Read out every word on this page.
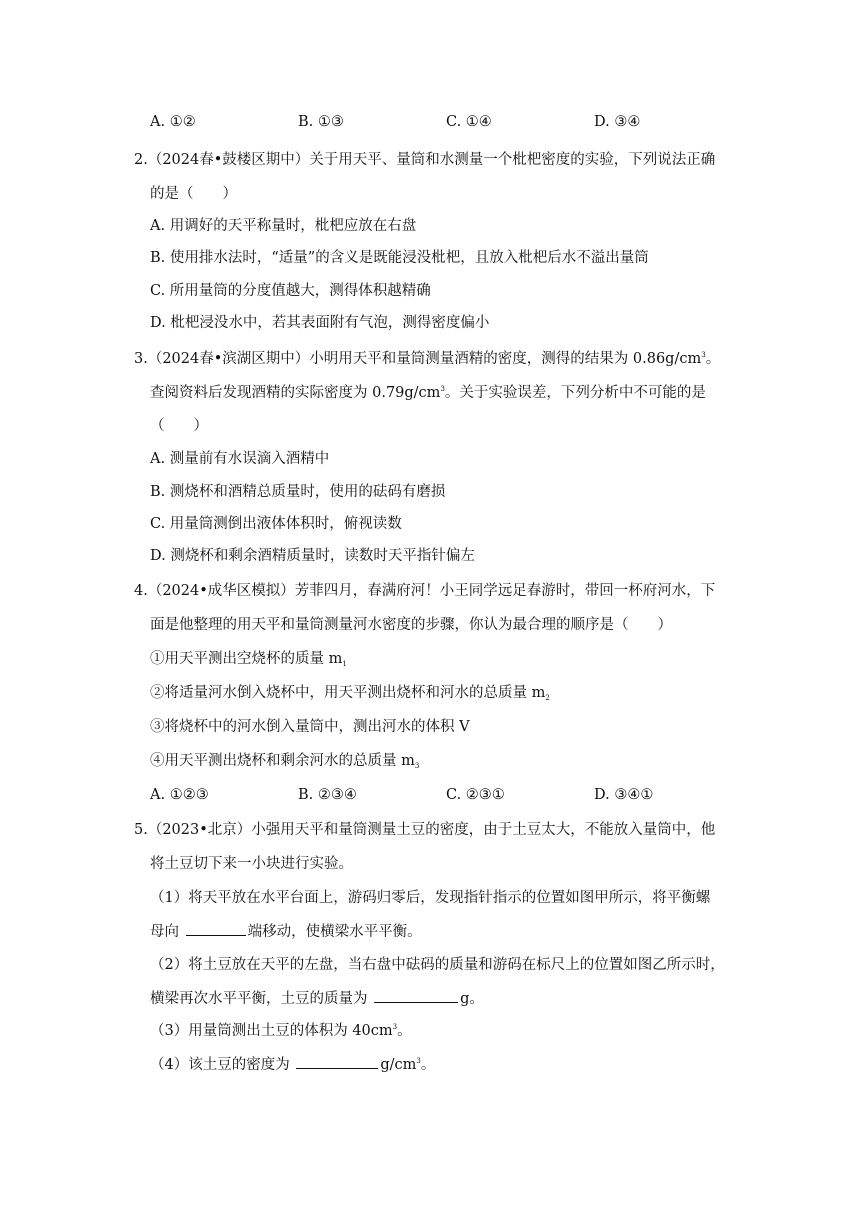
A. ①②	B. ①③	C. ①④	D. ③④
2.（2024春•鼓楼区期中）关于用天平、量筒和水测量一个枇杷密度的实验，下列说法正确
的是（　　）
A. 用调好的天平称量时，枇杷应放在右盘
B. 使用排水法时，“适量”的含义是既能浸没枇杷，且放入枇杷后水不溢出量筒
C. 所用量筒的分度值越大，测得体积越精确
D. 枇杷浸没水中，若其表面附有气泡，测得密度偏小
3.（2024春•滨湖区期中）小明用天平和量筒测量酒精的密度，测得的结果为 $0.86g/cm^3$。
查阅资料后发现酒精的实际密度为 $0.79g/cm^3$。关于实验误差，下列分析中不可能的是
（　　）
A. 测量前有水误滴入酒精中
B. 测烧杯和酒精总质量时，使用的砝码有磨损
C. 用量筒测倒出液体体积时，俯视读数
D. 测烧杯和剩余酒精质量时，读数时天平指针偏左
4.（2024•成华区模拟）芳菲四月，春满府河！小王同学远足春游时，带回一杯府河水，下
面是他整理的用天平和量筒测量河水密度的步骤，你认为最合理的顺序是（　　）
①用天平测出空烧杯的质量 $m_1$
②将适量河水倒入烧杯中，用天平测出烧杯和河水的总质量 $m_2$
③将烧杯中的河水倒入量筒中，测出河水的体积 V
④用天平测出烧杯和剩余河水的总质量 $m_3$
A. ①②③	B. ②③④	C. ②③①	D. ③④①
5.（2023•北京）小强用天平和量筒测量土豆的密度，由于土豆太大，不能放入量筒中，他
将土豆切下来一小块进行实验。
（1）将天平放在水平台面上，游码归零后，发现指针指示的位置如图甲所示，将平衡螺
母向	端移动，使横梁水平平衡。
（2）将土豆放在天平的左盘，当右盘中砝码的质量和游码在标尺上的位置如图乙所示时，
横梁再次水平平衡，土豆的质量为	g。
（3）用量筒测出土豆的体积为 $40cm^3$。
（4）该土豆的密度为	$g/cm^3$。
